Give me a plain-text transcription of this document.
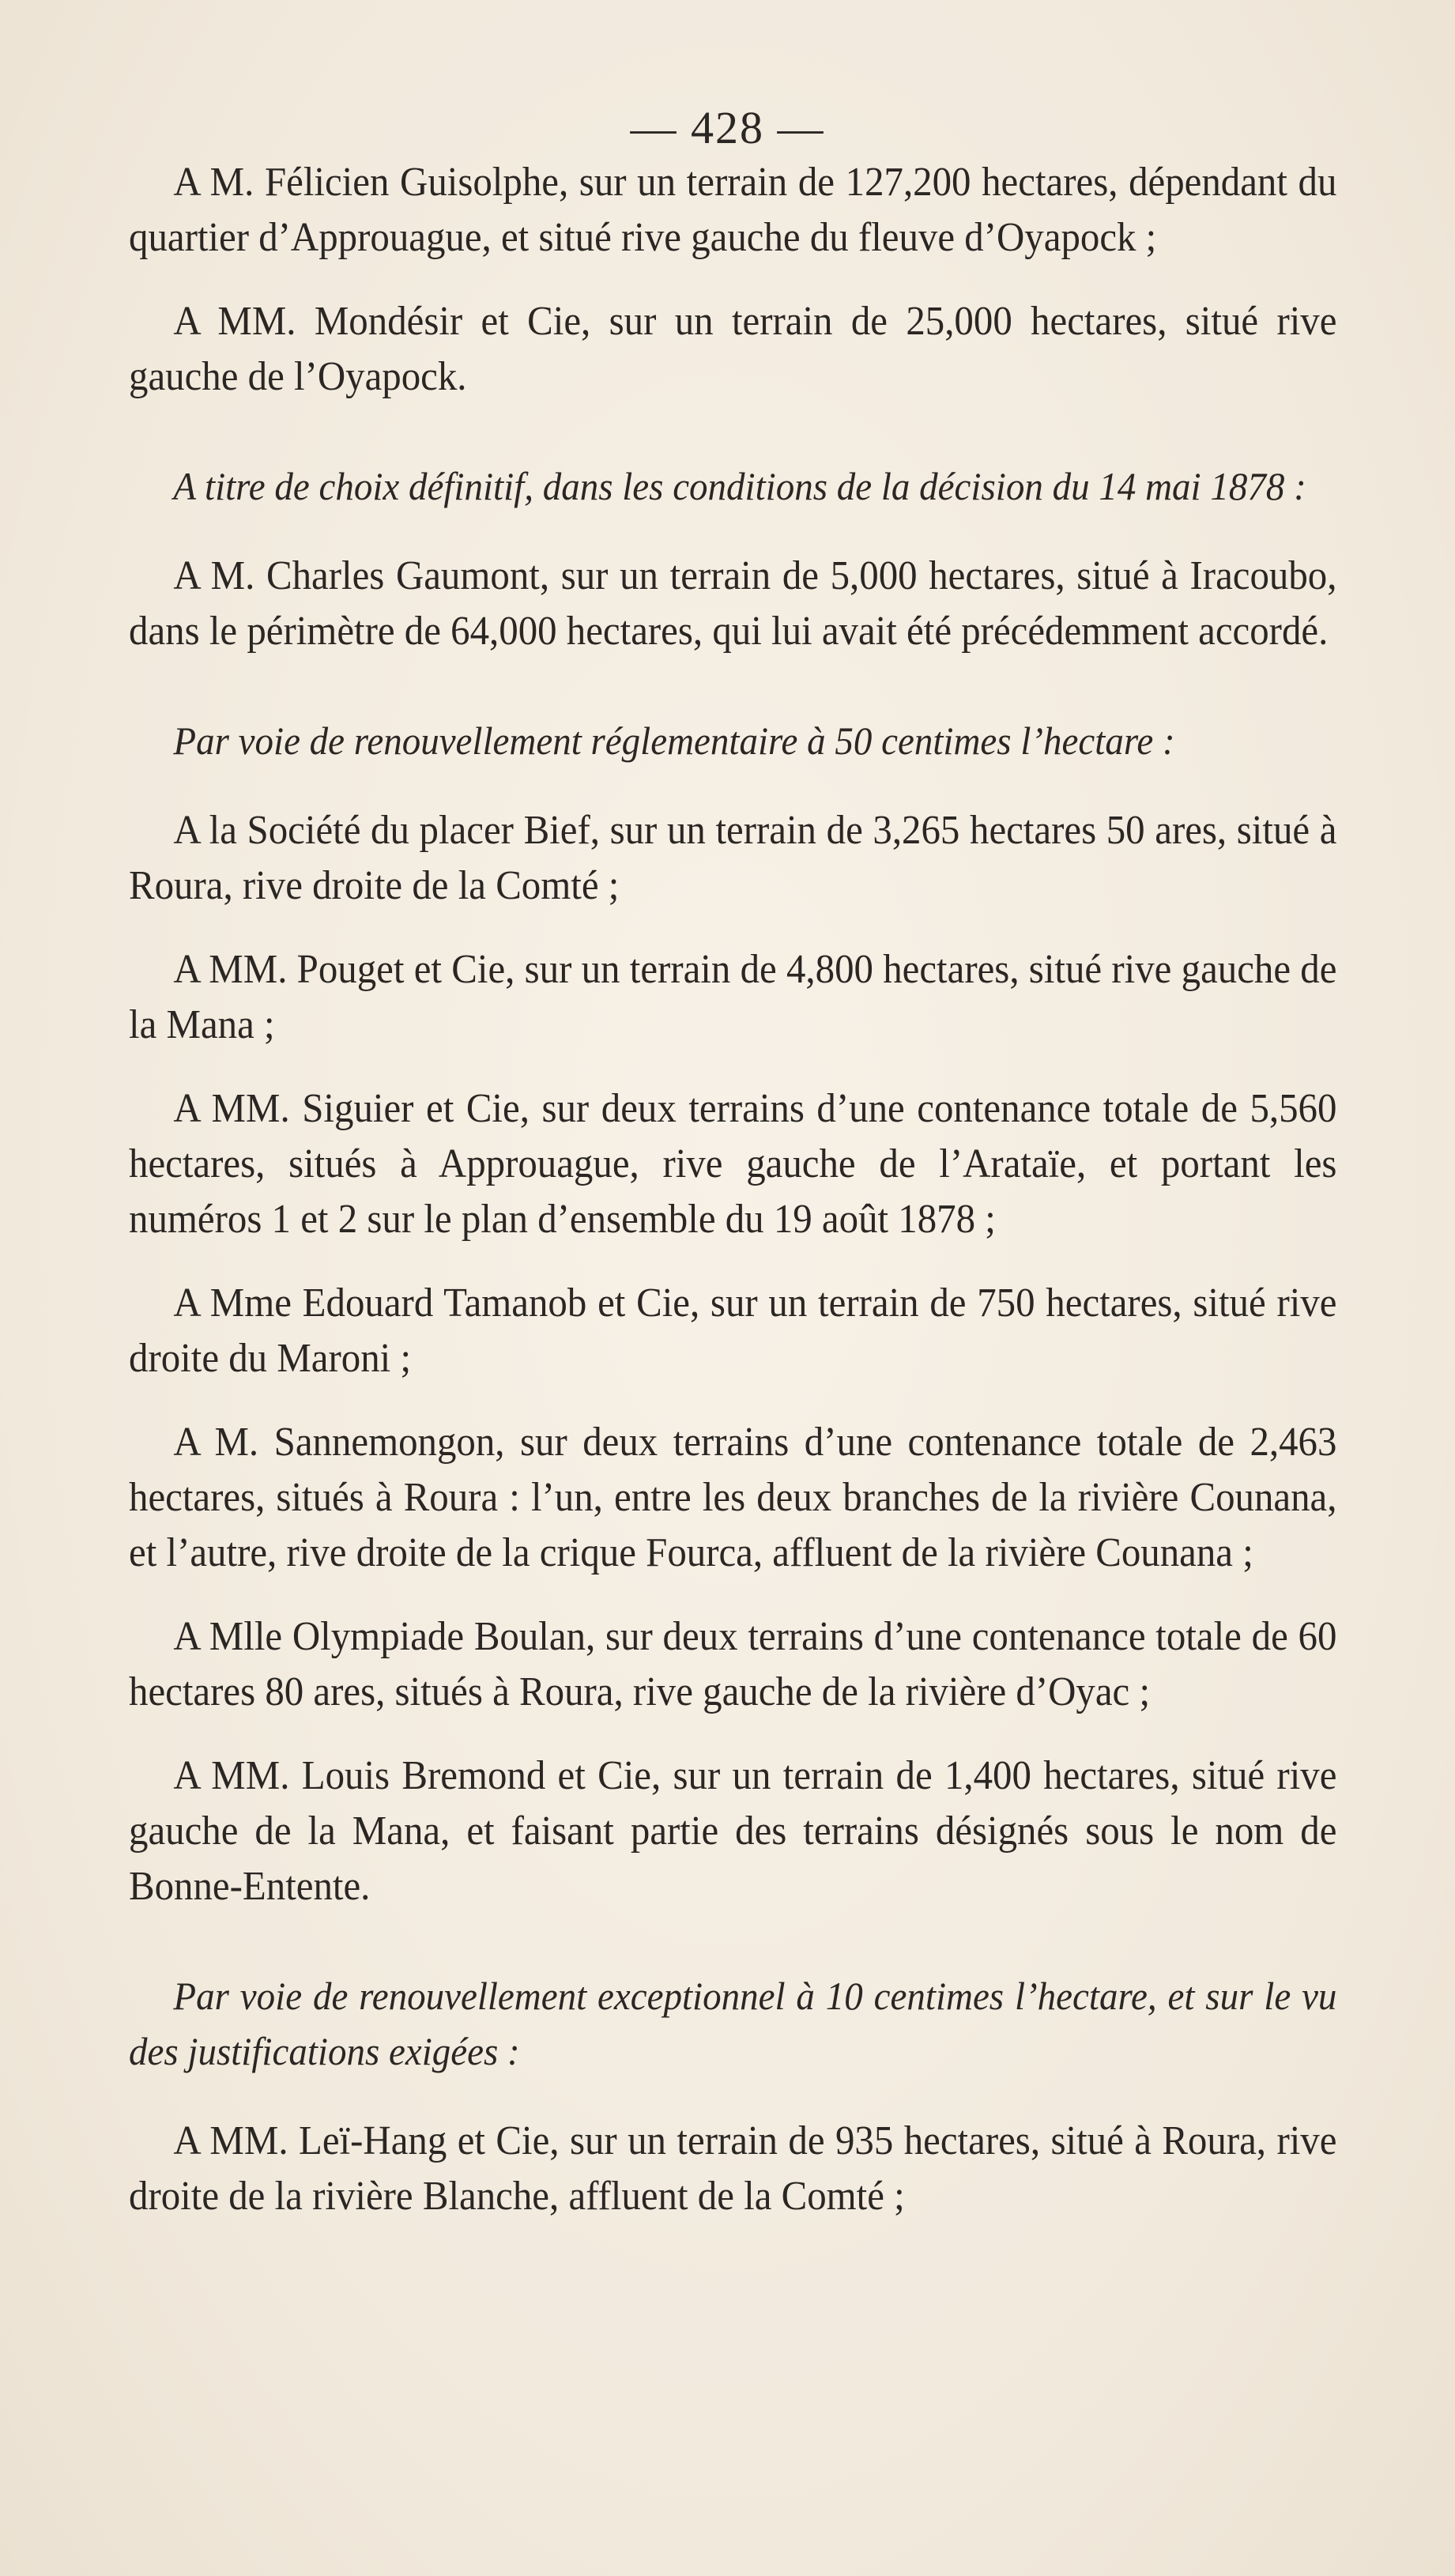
— 428 —

A M. Félicien Guisolphe, sur un terrain de 127,200 hectares, dépendant du quartier d’Approuague, et situé rive gauche du fleuve d’Oyapock ;

A MM. Mondésir et Cie, sur un terrain de 25,000 hectares, situé rive gauche de l’Oyapock.

A titre de choix définitif, dans les conditions de la décision du 14 mai 1878 :

A M. Charles Gaumont, sur un terrain de 5,000 hectares, situé à Iracoubo, dans le périmètre de 64,000 hectares, qui lui avait été précédemment accordé.

Par voie de renouvellement réglementaire à 50 centimes l’hectare :

A la Société du placer Bief, sur un terrain de 3,265 hectares 50 ares, situé à Roura, rive droite de la Comté ;

A MM. Pouget et Cie, sur un terrain de 4,800 hectares, situé rive gauche de la Mana ;

A MM. Siguier et Cie, sur deux terrains d’une contenance totale de 5,560 hectares, situés à Approuague, rive gauche de l’Arataïe, et portant les numéros 1 et 2 sur le plan d’ensemble du 19 août 1878 ;

A Mme Edouard Tamanob et Cie, sur un terrain de 750 hectares, situé rive droite du Maroni ;

A M. Sannemongon, sur deux terrains d’une contenance totale de 2,463 hectares, situés à Roura : l’un, entre les deux branches de la rivière Counana, et l’autre, rive droite de la crique Fourca, affluent de la rivière Counana ;

A Mlle Olympiade Boulan, sur deux terrains d’une contenance totale de 60 hectares 80 ares, situés à Roura, rive gauche de la rivière d’Oyac ;

A MM. Louis Bremond et Cie, sur un terrain de 1,400 hectares, situé rive gauche de la Mana, et faisant partie des terrains désignés sous le nom de Bonne-Entente.

Par voie de renouvellement exceptionnel à 10 centimes l’hectare, et sur le vu des justifications exigées :

A MM. Leï-Hang et Cie, sur un terrain de 935 hectares, situé à Roura, rive droite de la rivière Blanche, affluent de la Comté ;
